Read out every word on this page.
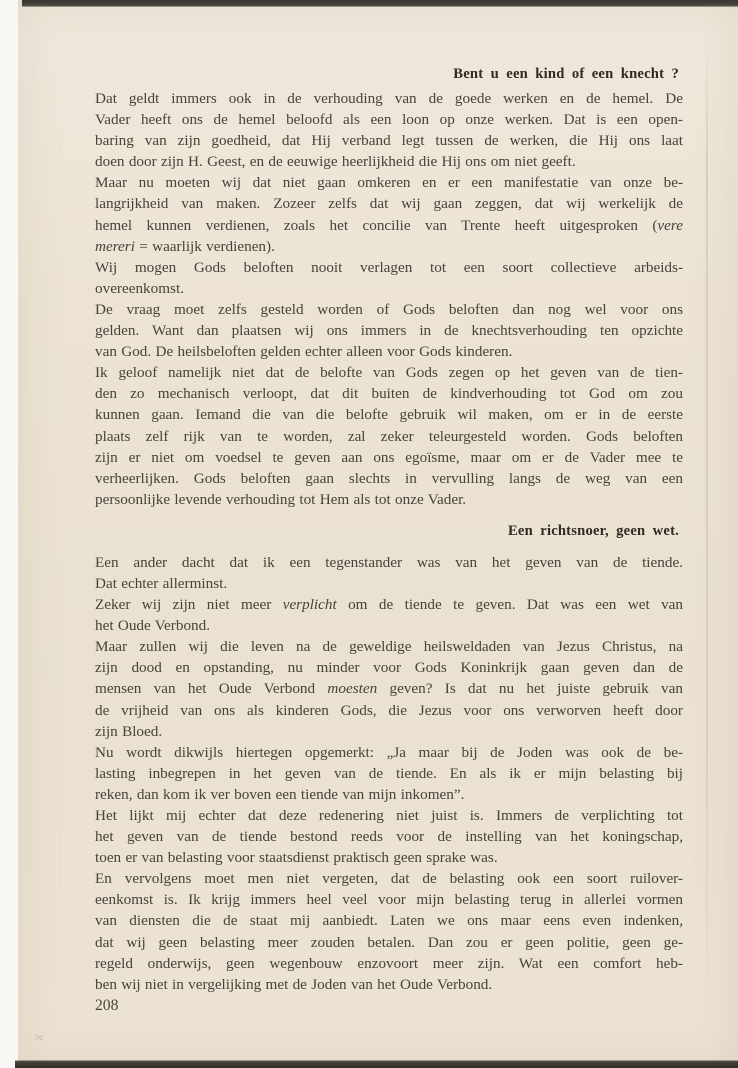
Bent u een kind of een knecht ?
Dat geldt immers ook in de verhouding van de goede werken en de hemel. De
Vader heeft ons de hemel beloofd als een loon op onze werken. Dat is een open-
baring van zijn goedheid, dat Hij verband legt tussen de werken, die Hij ons laat
doen door zijn H. Geest, en de eeuwige heerlijkheid die Hij ons om niet geeft.
Maar nu moeten wij dat niet gaan omkeren en er een manifestatie van onze be-
langrijkheid van maken. Zozeer zelfs dat wij gaan zeggen, dat wij werkelijk de
hemel kunnen verdienen, zoals het concilie van Trente heeft uitgesproken (vere
mereri = waarlijk verdienen).
Wij mogen Gods beloften nooit verlagen tot een soort collectieve arbeids-
overeenkomst.
De vraag moet zelfs gesteld worden of Gods beloften dan nog wel voor ons
gelden. Want dan plaatsen wij ons immers in de knechtsverhouding ten opzichte
van God. De heilsbeloften gelden echter alleen voor Gods kinderen.
Ik geloof namelijk niet dat de belofte van Gods zegen op het geven van de tien-
den zo mechanisch verloopt, dat dit buiten de kindverhouding tot God om zou
kunnen gaan. Iemand die van die belofte gebruik wil maken, om er in de eerste
plaats zelf rijk van te worden, zal zeker teleurgesteld worden. Gods beloften
zijn er niet om voedsel te geven aan ons egoïsme, maar om er de Vader mee te
verheerlijken. Gods beloften gaan slechts in vervulling langs de weg van een
persoonlijke levende verhouding tot Hem als tot onze Vader.
Een richtsnoer, geen wet.
Een ander dacht dat ik een tegenstander was van het geven van de tiende.
Dat echter allerminst.
Zeker wij zijn niet meer verplicht om de tiende te geven. Dat was een wet van
het Oude Verbond.
Maar zullen wij die leven na de geweldige heilsweldaden van Jezus Christus, na
zijn dood en opstanding, nu minder voor Gods Koninkrijk gaan geven dan de
mensen van het Oude Verbond moesten geven? Is dat nu het juiste gebruik van
de vrijheid van ons als kinderen Gods, die Jezus voor ons verworven heeft door
zijn Bloed.
Nu wordt dikwijls hiertegen opgemerkt: „Ja maar bij de Joden was ook de be-
lasting inbegrepen in het geven van de tiende. En als ik er mijn belasting bij
reken, dan kom ik ver boven een tiende van mijn inkomen”.
Het lijkt mij echter dat deze redenering niet juist is. Immers de verplichting tot
het geven van de tiende bestond reeds voor de instelling van het koningschap,
toen er van belasting voor staatsdienst praktisch geen sprake was.
En vervolgens moet men niet vergeten, dat de belasting ook een soort ruilover-
eenkomst is. Ik krijg immers heel veel voor mijn belasting terug in allerlei vormen
van diensten die de staat mij aanbiedt. Laten we ons maar eens even indenken,
dat wij geen belasting meer zouden betalen. Dan zou er geen politie, geen ge-
regeld onderwijs, geen wegenbouw enzovoort meer zijn. Wat een comfort heb-
ben wij niet in vergelijking met de Joden van het Oude Verbond.
208
